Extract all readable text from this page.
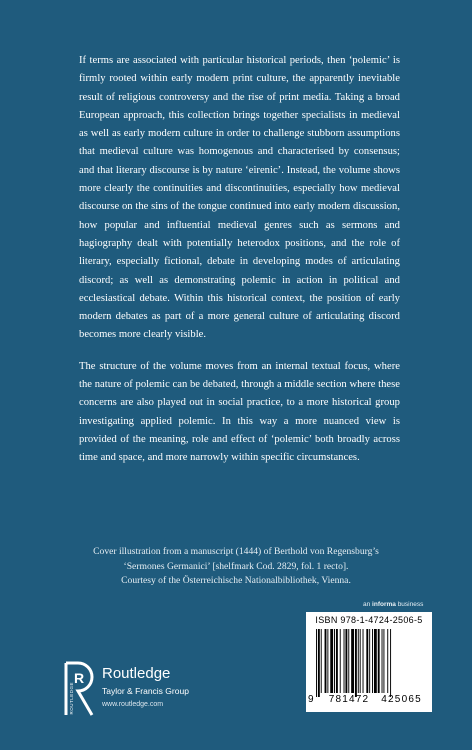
If terms are associated with particular historical periods, then ‘polemic’ is firmly rooted within early modern print culture, the apparently inevitable result of religious controversy and the rise of print media. Taking a broad European approach, this collection brings together specialists in medieval as well as early modern culture in order to challenge stubborn assumptions that medieval culture was homogenous and characterised by consensus; and that literary discourse is by nature ‘eirenic’. Instead, the volume shows more clearly the continuities and discontinuities, especially how medieval discourse on the sins of the tongue continued into early modern discussion, how popular and influential medieval genres such as sermons and hagiography dealt with potentially heterodox positions, and the role of literary, especially fictional, debate in developing modes of articulating discord; as well as demonstrating polemic in action in political and ecclesiastical debate. Within this historical context, the position of early modern debates as part of a more general culture of articulating discord becomes more clearly visible.

The structure of the volume moves from an internal textual focus, where the nature of polemic can be debated, through a middle section where these concerns are also played out in social practice, to a more historical group investigating applied polemic. In this way a more nuanced view is provided of the meaning, role and effect of ‘polemic’ both broadly across time and space, and more narrowly within specific circumstances.

Cover illustration from a manuscript (1444) of Berthold von Regensburg’s
‘Sermones Germanici’ [shelfmark Cod. 2829, fol. 1 recto].
Courtesy of the Österreichische Nationalbibliothek, Vienna.
an informa business
ISBN 978-1-4724-2506-5
9 781472 425065
R
ROUTLEDGE
Routledge
Taylor & Francis Group
www.routledge.com
